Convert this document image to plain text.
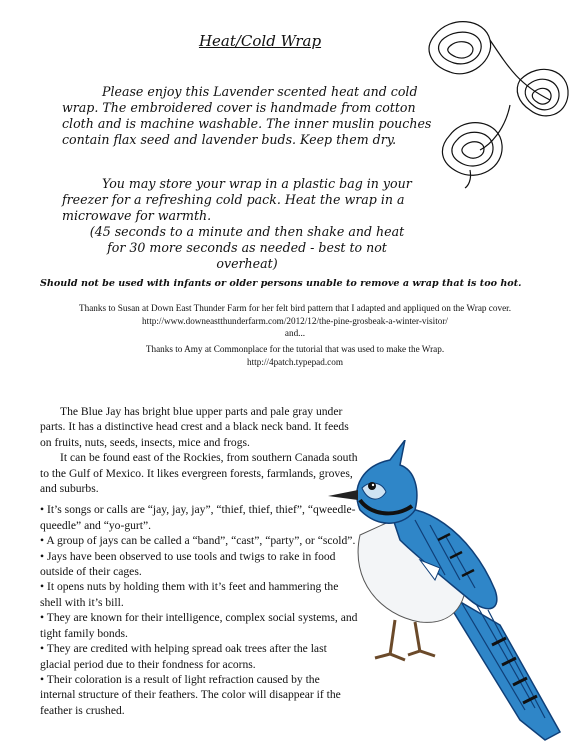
Heat/Cold Wrap

Please enjoy this Lavender scented heat and cold wrap. The embroidered cover is handmade from cotton cloth and is machine washable. The inner muslin pouches contain flax seed and lavender buds. Keep them dry.

You may store your wrap in a plastic bag in your freezer for a refreshing cold pack. Heat the wrap in a microwave for warmth.

(45 seconds to a minute and then shake and heat for 30 more seconds as needed - best to not overheat)
Should not be used with infants or older persons unable to remove a wrap that is too hot.
Thanks to Susan at Down East Thunder Farm for her felt bird pattern that I adapted and appliqued on the Wrap cover.
http://www.downeastthunderfarm.com/2012/12/the-pine-grosbeak-a-winter-visitor/
and...
Thanks to Amy at Commonplace for the tutorial that was used to make the Wrap.
http://4patch.typepad.com

The Blue Jay has bright blue upper parts and pale gray under parts. It has a distinctive head crest and a black neck band. It feeds on fruits, nuts, seeds, insects, mice and frogs.

It can be found east of the Rockies, from southern Canada south to the Gulf of Mexico. It likes evergreen forests, farmlands, groves, and suburbs.

• It’s songs or calls are “jay, jay, jay”, “thief, thief, thief”, “qweedle-queedle” and “yo-gurt”.
• A group of jays can be called a “band”, “cast”, “party”, or “scold”.
• Jays have been observed to use tools and twigs to rake in food outside of their cages.
• It opens nuts by holding them with it’s feet and hammering the shell with it’s bill.
• They are known for their intelligence, complex social systems, and tight family bonds.
• They are credited with helping spread oak trees after the last glacial period due to their fondness for acorns.
• Their coloration is a result of light refraction caused by the internal structure of their feathers. The color will disappear if the feather is crushed.
